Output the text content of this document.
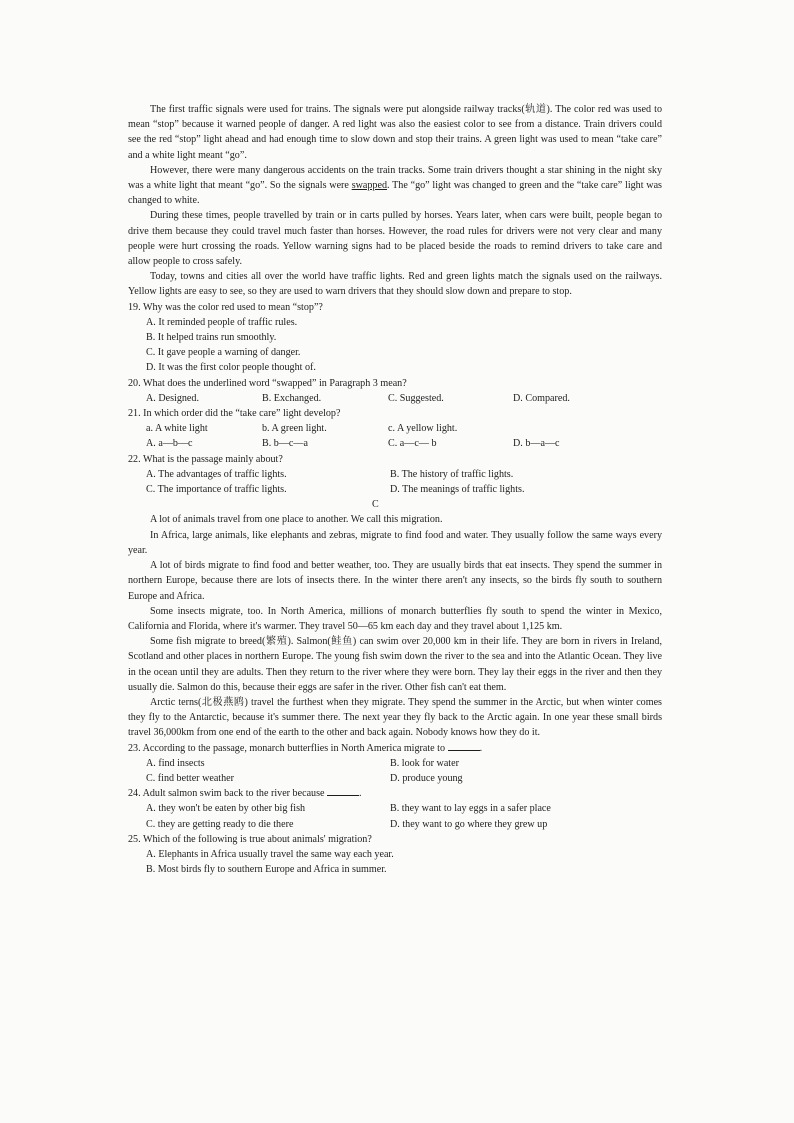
The first traffic signals were used for trains. The signals were put alongside railway tracks(轨道). The color red was used to mean “stop” because it warned people of danger. A red light was also the easiest color to see from a distance. Train drivers could see the red “stop” light ahead and had enough time to slow down and stop their trains. A green light was used to mean “take care” and a white light meant “go”.

However, there were many dangerous accidents on the train tracks. Some train drivers thought a star shining in the night sky was a white light that meant “go”. So the signals were swapped. The “go” light was changed to green and the “take care” light was changed to white.

During these times, people travelled by train or in carts pulled by horses. Years later, when cars were built, people began to drive them because they could travel much faster than horses. However, the road rules for drivers were not very clear and many people were hurt crossing the roads. Yellow warning signs had to be placed beside the roads to remind drivers to take care and allow people to cross safely.

Today, towns and cities all over the world have traffic lights. Red and green lights match the signals used on the railways. Yellow lights are easy to see, so they are used to warn drivers that they should slow down and prepare to stop.

19. Why was the color red used to mean “stop”?

A. It reminded people of traffic rules.

B. It helped trains run smoothly.

C. It gave people a warning of danger.

D. It was the first color people thought of.

20. What does the underlined word “swapped” in Paragraph 3 mean?

A. Designed.	B. Exchanged.	C. Suggested.	D. Compared.

21. In which order did the “take care” light develop?

a. A white light	b. A green light.	c. A yellow light.
A. a—b—c	B. b—c—a	C. a—c— b	D. b—a—c

22. What is the passage mainly about?

A. The advantages of traffic lights.	B. The history of traffic lights.
C. The importance of traffic lights.	D. The meanings of traffic lights.

C

A lot of animals travel from one place to another. We call this migration.

In Africa, large animals, like elephants and zebras, migrate to find food and water. They usually follow the same ways every year.

A lot of birds migrate to find food and better weather, too. They are usually birds that eat insects. They spend the summer in northern Europe, because there are lots of insects there. In the winter there aren't any insects, so the birds fly south to southern Europe and Africa.

Some insects migrate, too. In North America, millions of monarch butterflies fly south to spend the winter in Mexico, California and Florida, where it's warmer. They travel 50—65 km each day and they travel about 1,125 km.

Some fish migrate to breed(繁殖). Salmon(鲑鱼) can swim over 20,000 km in their life. They are born in rivers in Ireland, Scotland and other places in northern Europe. The young fish swim down the river to the sea and into the Atlantic Ocean. They live in the ocean until they are adults. Then they return to the river where they were born. They lay their eggs in the river and then they usually die. Salmon do this, because their eggs are safer in the river. Other fish can't eat them.

Arctic terns(北极燕鸥) travel the furthest when they migrate. They spend the summer in the Arctic, but when winter comes they fly to the Antarctic, because it's summer there. The next year they fly back to the Arctic again. In one year these small birds travel 36,000km from one end of the earth to the other and back again. Nobody knows how they do it.

23. According to the passage, monarch butterflies in North America migrate to	.

A. find insects	B. look for water
C. find better weather	D. produce young

24. Adult salmon swim back to the river because	.

A. they won't be eaten by other big fish	B. they want to lay eggs in a safer place
C. they are getting ready to die there	D. they want to go where they grew up

25. Which of the following is true about animals' migration?

A. Elephants in Africa usually travel the same way each year.

B. Most birds fly to southern Europe and Africa in summer.
